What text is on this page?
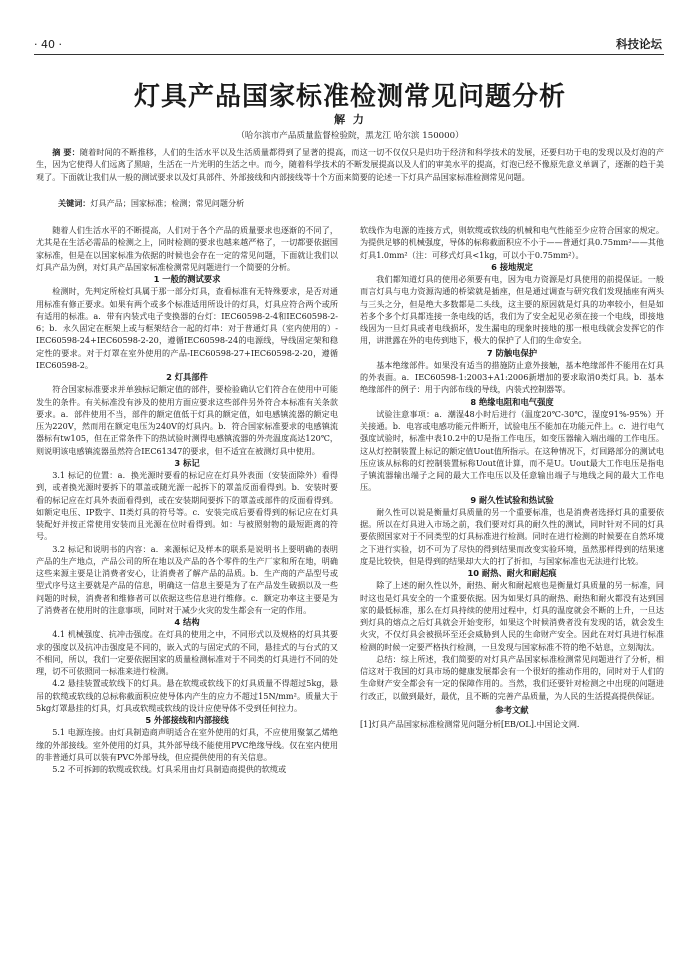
· 40 ·	科技论坛
灯具产品国家标准检测常见问题分析
解 力
（哈尔滨市产品质量监督检验院，黑龙江 哈尔滨 150000）
摘 要：随着时间的不断推移，人们的生活水平以及生活质量都得到了显著的提高，而这一切不仅仅只是归功于经济和科学技术的发展，还要归功于电的发现以及灯泡的产生，因为它使得人们远离了黑暗，生活在一片光明的生活之中。而今，随着科学技术的不断发展提高以及人们的审美水平的提高，灯泡已经不像原先意义单调了，逐渐的趋于美观了。下面就让我们从一般的测试要求以及灯具部件、外部接线和内部接线等十个方面来简要的论述一下灯具产品国家标准检测常见问题。
关键词：灯具产品；国家标准；检测；常见问题分析

随着人们生活水平的不断提高，人们对于各个产品的质量要求也逐渐的不同了，尤其是在生活必需品的检测之上，同时检测的要求也越来越严格了，一切都要依据国家标准，但是在以国家标准为依据的时候也会存在一定的常见问题，下面就让我们以灯具产品为例，对灯具产品国家标准检测常见问题进行一个简要的分析。

1 一般的测试要求

检测时，先判定所检灯具属于那一部分灯具，查看标准有无特殊要求，是否对通用标准有修正要求。如果有两个或多个标准适用所设计的灯具，灯具应符合两个或所有适用的标准。a．带有内装式电子变换器的台灯：IEC60598-2-4和IEC60598-2-6；b．永久固定在框架上或与框架结合一起的灯串：对于普通灯具（室内使用的）-IEC60598-24+IEC60598-2-20，遵循IEC60598-24的电源线，导线固定架和稳定性的要求。对于灯罩在室外使用的产品-IEC60598-27+IEC60598-2-20，遵循IEC60598-2。

2 灯具部件

符合国家标准要求并单独标记额定值的部件，要检验确认它们符合在使用中可能发生的条件。有关标准没有涉及的使用方面应要求这些部件另外符合本标准有关条款要求。a．部件使用不当，部件的额定值低于灯具的额定值，如电感镇流器的额定电压为220V，然而用在额定电压为240V的灯具内。b．符合国家标准要求的电感镇流器标有tw105，但在正常条件下的热试验时测得电感镇流器的外壳温度高达120℃，则说明该电感镇流器虽然符合IEC61347的要求，但不适宜在被测灯具中使用。

3 标记

3.1 标记的位置：a．换光源时要看的标记应在灯具外表面（安装面除外）看得到，或者换光源时要拆下的罩盖或随光源一起拆下的罩盖反面看得到。b．安装时要看的标记应在灯具外表面看得到，或在安装期间要拆下的罩盖或部件的反面看得到。如额定电压、IP数字、II类灯具的符号等。c．安装完成后要看得到的标记应在灯具装配好并按正常使用安装而且光源在位时看得到。如：与被照射物的最短距离的符号。

3.2 标记和说明书的内容：a．来源标记及样本的联系是说明书上要明确的表明产品的生产地点，产品公司的所在地以及产品的各个零件的生产厂家和所在地，明确这些来源主要是让消费者安心，让消费者了解产品的品质。b．生产商的产品型号或型式序号这主要就是产品的信息，明确这一信息主要是为了在产品发生破损以及一些问题的时候，消费者和维修者可以依据这些信息进行维修。c．额定功率这主要是为了消费者在使用时的注意事项，同时对于减少火灾的发生都会有一定的作用。

4 结构

4.1 机械强度、抗冲击强度。在灯具的使用之中，不同形式以及规格的灯具其要求的强度以及抗冲击强度是不同的，嵌入式的与固定式的不同，悬挂式的与台式的又不相同，所以，我们一定要依据国家的质量检测标准对于不同类的灯具进行不同的处理，切不可依照同一标准来进行检测。

4.2 悬挂装置或软线下的灯具。悬在软缆或软线下的灯具质量不得超过5kg，悬吊的软缆或软线的总标称截面积应使导体内产生的应力不超过15N/mm²。质量大于5kg灯罩悬挂的灯具，灯具或软缆或软线的设计应使导体不受到任何拉力。

5 外部接线和内部接线

5.1 电源连接。由灯具制造商声明适合在室外使用的灯具，不应使用聚氯乙烯绝缘的外部接线。室外使用的灯具，其外部导线不能使用PVC绝缘导线。仅在室内使用的非普通灯具可以装有PVC外部导线，但应提供使用的有关信息。

5.2 不可拆卸的软缆或软线。灯具采用由灯具制造商提供的软缆或

软线作为电源的连接方式，则软缆或软线的机械和电气性能至少应符合国家的规定。为提供足够的机械强度，导体的标称截面积应不小于——普通灯具0.75mm²——其他灯具1.0mm²（注：可移式灯具<1kg，可以小于0.75mm²）。

6 接地规定

我们都知道灯具的使用必须要有电，因为电力资源是灯具使用的前提保证。一般而言灯具与电力资源沟通的桥梁就是插座，但是通过调查与研究我们发现插座有两头与三头之分，但是绝大多数都是二头线，这主要的原因就是灯具的功率较小，但是如若多个多个灯具都连接一条电线的话，我们为了安全起见必须在接一个电线，即接地线因为一旦灯具或者电线损坏，发生漏电的现象时接地的那一根电线就会发挥它的作用，讲泄露在外的电传到地下，极大的保护了人们的生命安全。

7 防触电保护

基本绝缘部件。如果没有适当的措施防止意外接触，基本绝缘部件不能用在灯具的外表面。a．IEC60598-1:2003+A1:2006新增加的要求取消0类灯具。b．基本绝缘部件的例子：用于内部布线的导线，内装式控制器等。

8 绝缘电阻和电气强度

试验注意事项：a．潮湿48小时后进行（温度20℃-30℃，湿度91%-95%）开关接通。b．电容或电感功能元件断开，试验电压不能加在功能元件上。c．进行电气强度试验时，标准中表10.2中的U是指工作电压，如变压器输入端出端的工作电压。这从灯控制装置上标记的额定值Uout值所指示。在这种情况下，灯回路部分的测试电压应该从标称的灯控制装置标称Uout值计算，而不是U。Uout最大工作电压是指电子镇流器输出端子之间的最大工作电压以及任意输出端子与地线之间的最大工作电压。

9 耐久性试验和热试验

耐久性可以说是衡量灯具质量的另一个重要标准，也是消费者选择灯具的重要依据。所以在灯具进入市场之前，我们要对灯具的耐久性的测试，同时针对不同的灯具要依照国家对于不同类型的灯具标准进行检测。同时在进行检测的时候要在自然环境之下进行实验，切不可为了尽快的得到结果而改变实验环境，虽然那样得到的结果速度是比较快，但是得到的结果却大大的打了折扣，与国家标准也无法进行比较。

10 耐热、耐火和耐起痕

除了上述的耐久性以外，耐热、耐火和耐起痕也是衡量灯具质量的另一标准，同时这也是灯具安全的一个重要依据。因为如果灯具的耐热、耐热和耐火都没有达到国家的最低标准，那么在灯具持续的使用过程中，灯具的温度就会不断的上升，一旦达到灯具的熔点之后灯具就会开始变形，如果这个时候消费者没有发现的话，就会发生火灾，不仅灯具会被损坏至还会威胁到人民的生命财产安全。因此在对灯具进行标准检测的时候一定要严格执行检测，一旦发现与国家标准不符的绝不姑息，立刻淘汰。

总结：综上所述，我们简要的对灯具产品国家标准检测常见问题进行了分析，相信这对于我国的灯具市场的健康发展都会有一个很好的推动作用的，同时对于人们的生命财产安全都会有一定的保障作用的。当然，我们还要针对检测之中出现的问题进行改正，以做到最好，最优，且不断的完善产品质量，为人民的生活提高提供保证。

参考文献

[1]灯具产品国家标准检测常见问题分析[EB/OL].中国论文网.
